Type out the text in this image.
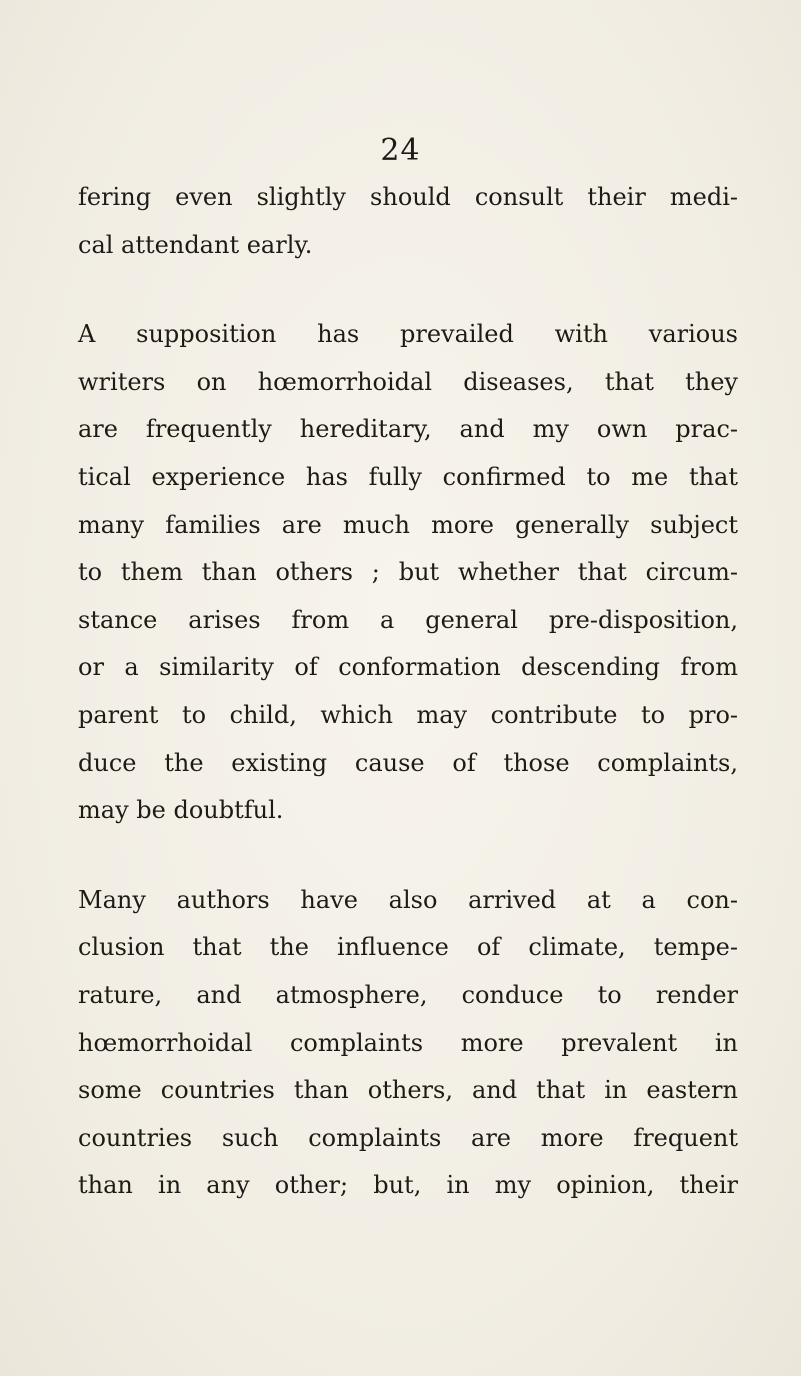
24

fering even slightly should consult their medi-
cal attendant early.

A supposition has prevailed with various
writers on hœmorrhoidal diseases, that they
are frequently hereditary, and my own prac-
tical experience has fully confirmed to me that
many families are much more generally subject
to them than others ; but whether that circum-
stance arises from a general pre-disposition,
or a similarity of conformation descending from
parent to child, which may contribute to pro-
duce the existing cause of those complaints,
may be doubtful.

Many authors have also arrived at a con-
clusion that the influence of climate, tempe-
rature, and atmosphere, conduce to render
hœmorrhoidal complaints more prevalent in
some countries than others, and that in eastern
countries such complaints are more frequent
than in any other; but, in my opinion, their
